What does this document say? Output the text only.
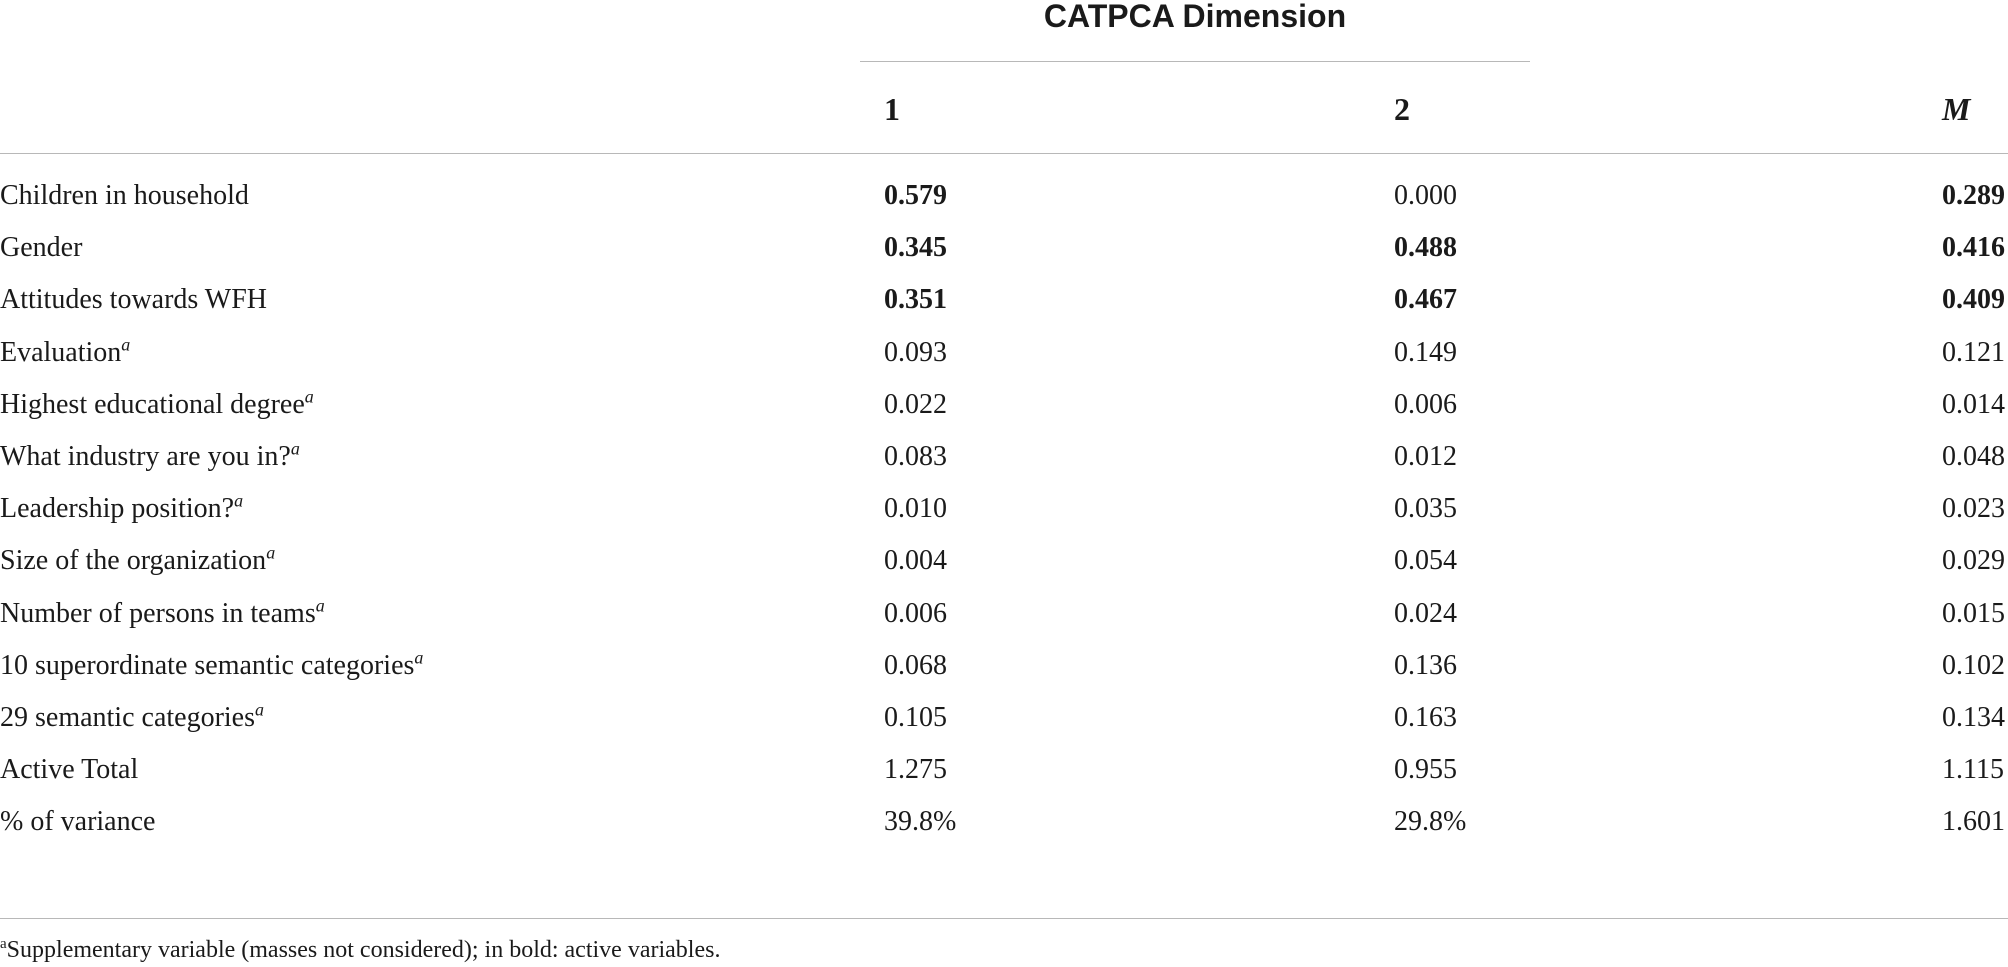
CATPCA Dimension
1	2	M
Children in household	0.579	0.000	0.289
Gender	0.345	0.488	0.416
Attitudes towards WFH	0.351	0.467	0.409
Evaluation$^a$	0.093	0.149	0.121
Highest educational degree$^a$	0.022	0.006	0.014
What industry are you in?$^a$	0.083	0.012	0.048
Leadership position?$^a$	0.010	0.035	0.023
Size of the organization$^a$	0.004	0.054	0.029
Number of persons in teams$^a$	0.006	0.024	0.015
10 superordinate semantic categories$^a$	0.068	0.136	0.102
29 semantic categories$^a$	0.105	0.163	0.134
Active Total	1.275	0.955	1.115
% of variance	39.8%	29.8%	1.601
$^a$Supplementary variable (masses not considered); in bold: active variables.
